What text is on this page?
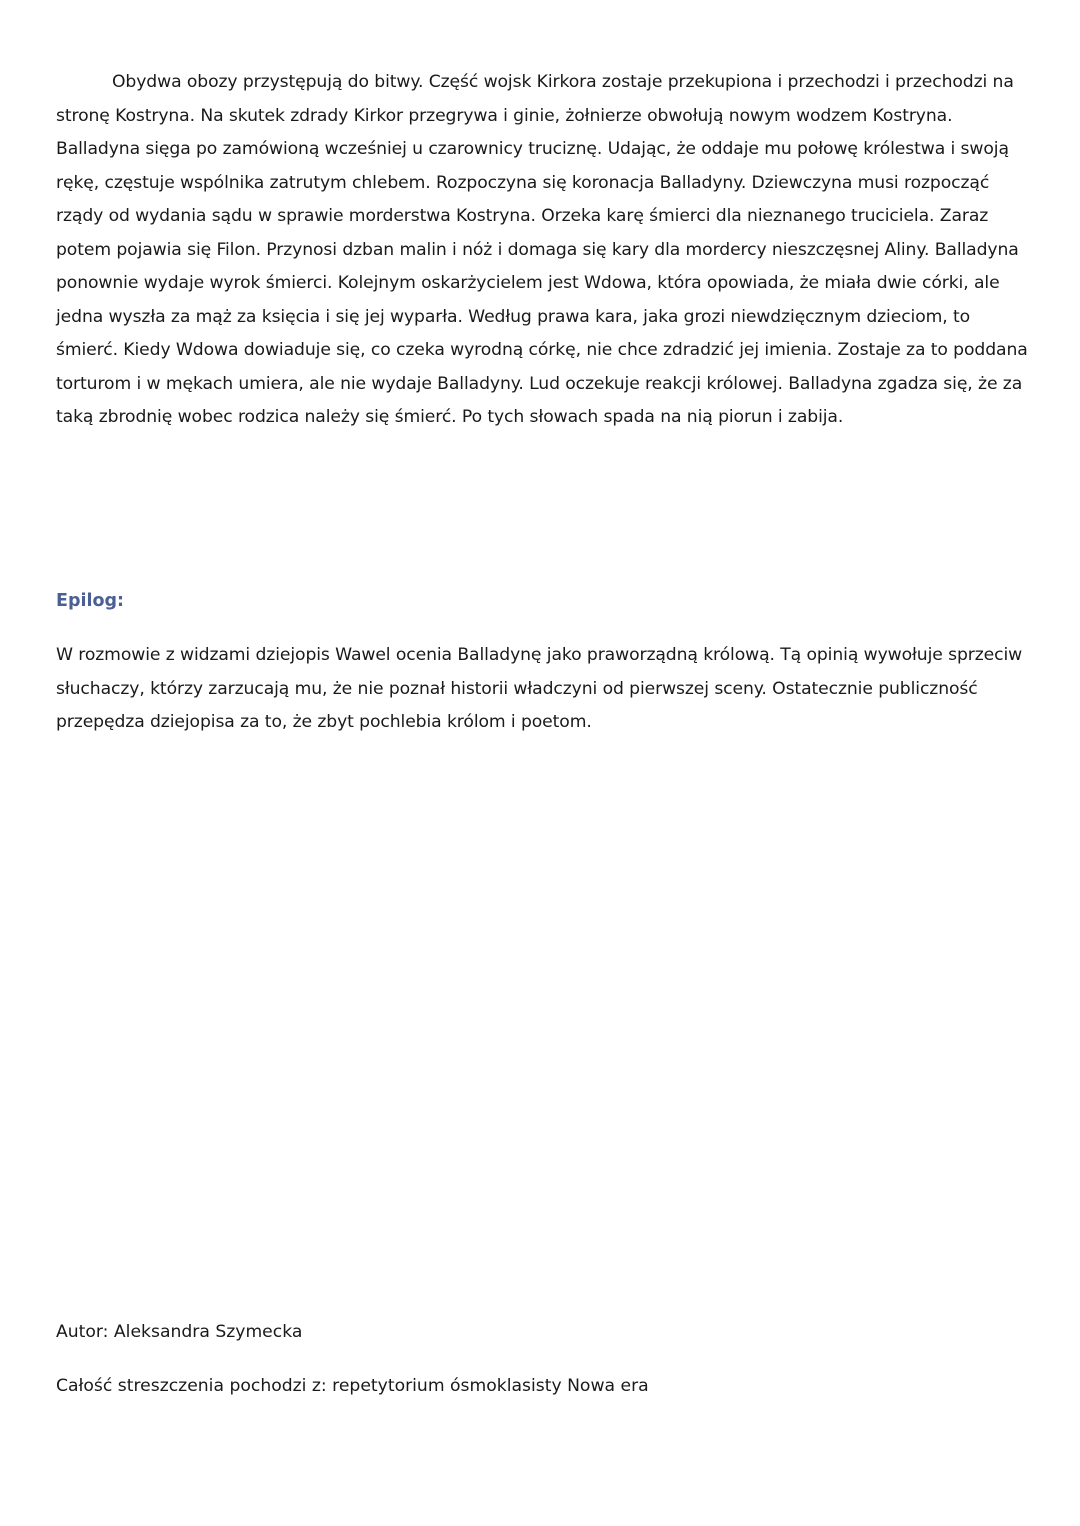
Obydwa obozy przystępują do bitwy. Część wojsk Kirkora zostaje przekupiona i przechodzi i przechodzi na stronę Kostryna. Na skutek zdrady Kirkor przegrywa i ginie, żołnierze obwołują nowym wodzem Kostryna. Balladyna sięga po zamówioną wcześniej u czarownicy truciznę. Udając, że oddaje mu połowę królestwa i swoją rękę, częstuje wspólnika zatrutym chlebem. Rozpoczyna się koronacja Balladyny. Dziewczyna musi rozpocząć rządy od wydania sądu w sprawie morderstwa Kostryna. Orzeka karę śmierci dla nieznanego truciciela. Zaraz potem pojawia się Filon. Przynosi dzban malin i nóż i domaga się kary dla mordercy nieszczęsnej Aliny. Balladyna ponownie wydaje wyrok śmierci. Kolejnym oskarżycielem jest Wdowa, która opowiada, że miała dwie córki, ale jedna wyszła za mąż za księcia i się jej wyparła. Według prawa kara, jaka grozi niewdzięcznym dzieciom, to śmierć. Kiedy Wdowa dowiaduje się, co czeka wyrodną córkę, nie chce zdradzić jej imienia. Zostaje za to poddana torturom i w mękach umiera, ale nie wydaje Balladyny. Lud oczekuje reakcji królowej. Balladyna zgadza się, że za taką zbrodnię wobec rodzica należy się śmierć. Po tych słowach spada na nią piorun i zabija.

Epilog:

W rozmowie z widzami dziejopis Wawel ocenia Balladynę jako praworządną królową. Tą opinią wywołuje sprzeciw słuchaczy, którzy zarzucają mu, że nie poznał historii władczyni od pierwszej sceny. Ostatecznie publiczność przepędza dziejopisa za to, że zbyt pochlebia królom i poetom.

Autor: Aleksandra Szymecka

Całość streszczenia pochodzi z: repetytorium ósmoklasisty Nowa era
